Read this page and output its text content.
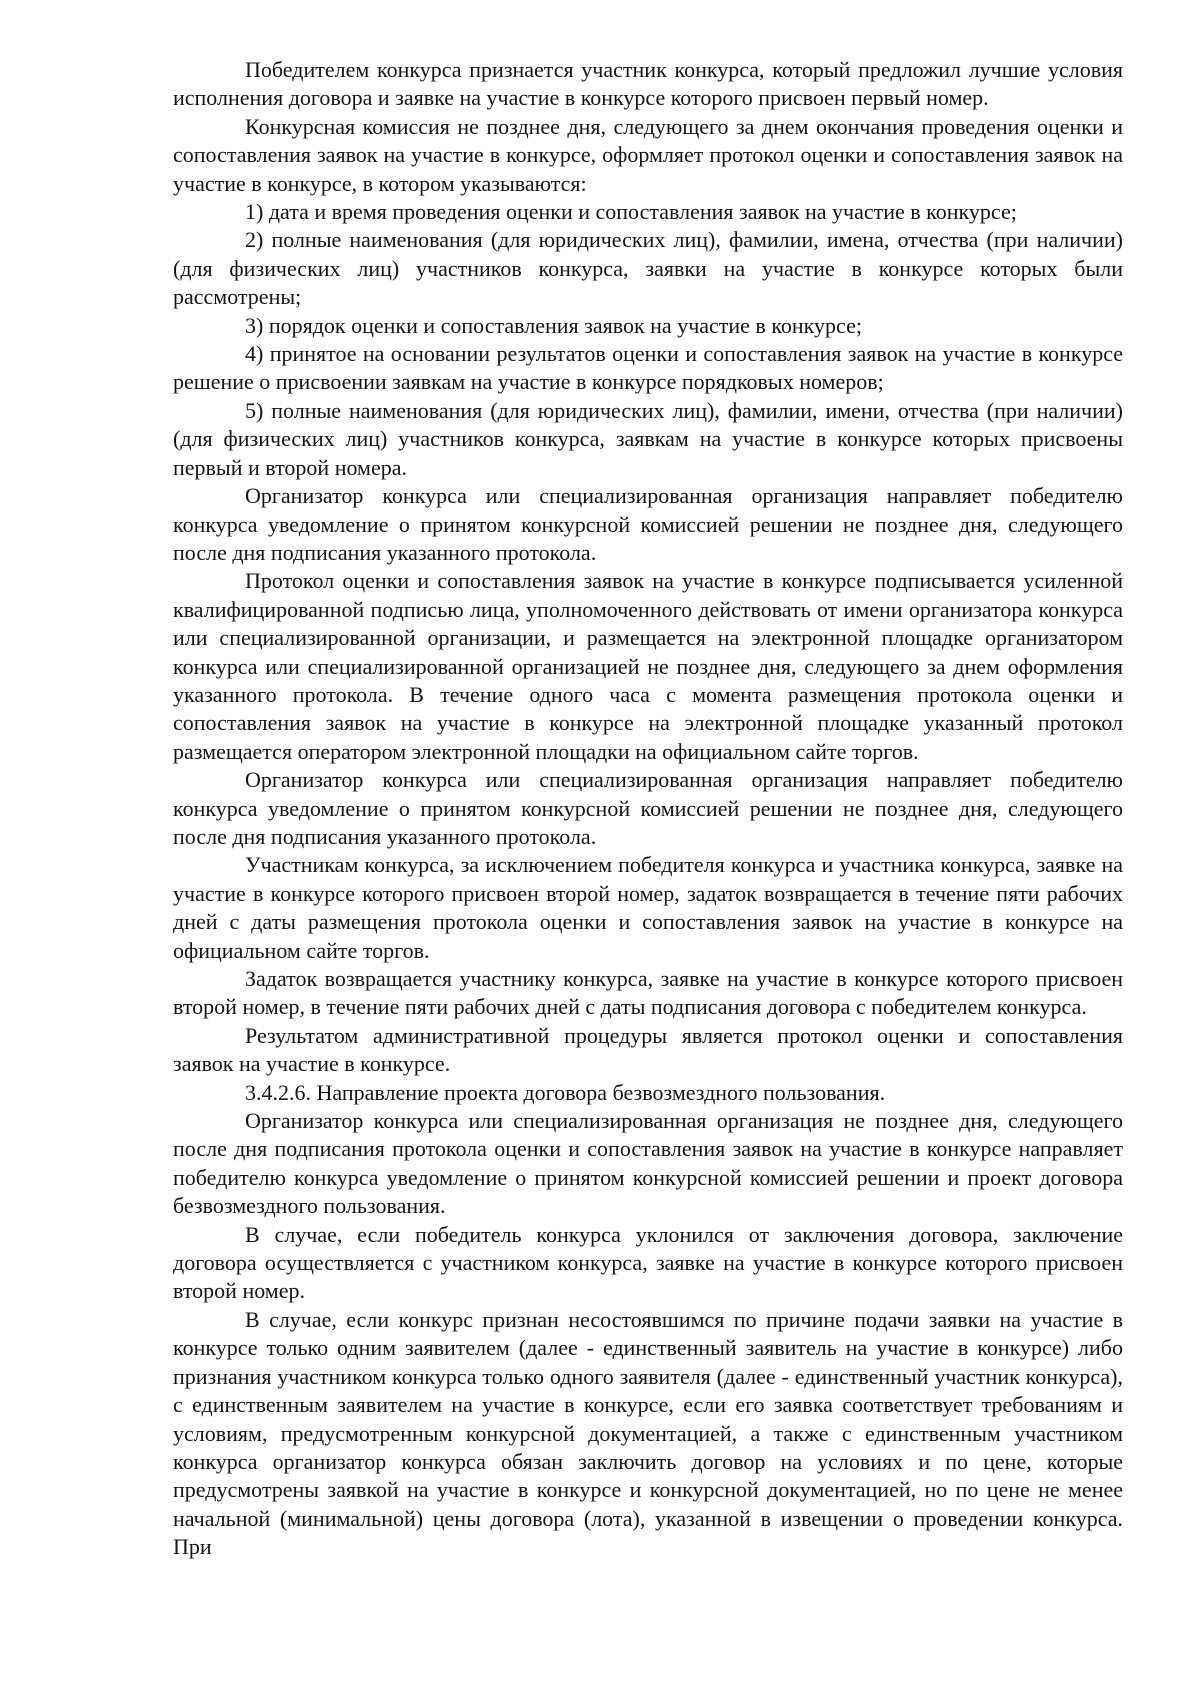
Победителем конкурса признается участник конкурса, который предложил лучшие условия исполнения договора и заявке на участие в конкурсе которого присвоен первый номер.

Конкурсная комиссия не позднее дня, следующего за днем окончания проведения оценки и сопоставления заявок на участие в конкурсе, оформляет протокол оценки и сопоставления заявок на участие в конкурсе, в котором указываются:

1) дата и время проведения оценки и сопоставления заявок на участие в конкурсе;

2) полные наименования (для юридических лиц), фамилии, имена, отчества (при наличии) (для физических лиц) участников конкурса, заявки на участие в конкурсе которых были рассмотрены;

3) порядок оценки и сопоставления заявок на участие в конкурсе;

4) принятое на основании результатов оценки и сопоставления заявок на участие в конкурсе решение о присвоении заявкам на участие в конкурсе порядковых номеров;

5) полные наименования (для юридических лиц), фамилии, имени, отчества (при наличии) (для физических лиц) участников конкурса, заявкам на участие в конкурсе которых присвоены первый и второй номера.

Организатор конкурса или специализированная организация направляет победителю конкурса уведомление о принятом конкурсной комиссией решении не позднее дня, следующего после дня подписания указанного протокола.

Протокол оценки и сопоставления заявок на участие в конкурсе подписывается усиленной квалифицированной подписью лица, уполномоченного действовать от имени организатора конкурса или специализированной организации, и размещается на электронной площадке организатором конкурса или специализированной организацией не позднее дня, следующего за днем оформления указанного протокола. В течение одного часа с момента размещения протокола оценки и сопоставления заявок на участие в конкурсе на электронной площадке указанный протокол размещается оператором электронной площадки на официальном сайте торгов.

Организатор конкурса или специализированная организация направляет победителю конкурса уведомление о принятом конкурсной комиссией решении не позднее дня, следующего после дня подписания указанного протокола.

Участникам конкурса, за исключением победителя конкурса и участника конкурса, заявке на участие в конкурсе которого присвоен второй номер, задаток возвращается в течение пяти рабочих дней с даты размещения протокола оценки и сопоставления заявок на участие в конкурсе на официальном сайте торгов.

Задаток возвращается участнику конкурса, заявке на участие в конкурсе которого присвоен второй номер, в течение пяти рабочих дней с даты подписания договора с победителем конкурса.

Результатом административной процедуры является протокол оценки и сопоставления заявок на участие в конкурсе.

3.4.2.6. Направление проекта договора безвозмездного пользования.

Организатор конкурса или специализированная организация не позднее дня, следующего после дня подписания протокола оценки и сопоставления заявок на участие в конкурсе направляет победителю конкурса уведомление о принятом конкурсной комиссией решении и проект договора безвозмездного пользования.

В случае, если победитель конкурса уклонился от заключения договора, заключение договора осуществляется с участником конкурса, заявке на участие в конкурсе которого присвоен второй номер.

В случае, если конкурс признан несостоявшимся по причине подачи заявки на участие в конкурсе только одним заявителем (далее - единственный заявитель на участие в конкурсе) либо признания участником конкурса только одного заявителя (далее - единственный участник конкурса), с единственным заявителем на участие в конкурсе, если его заявка соответствует требованиям и условиям, предусмотренным конкурсной документацией, а также с единственным участником конкурса организатор конкурса обязан заключить договор на условиях и по цене, которые предусмотрены заявкой на участие в конкурсе и конкурсной документацией, но по цене не менее начальной (минимальной) цены договора (лота), указанной в извещении о проведении конкурса. При
